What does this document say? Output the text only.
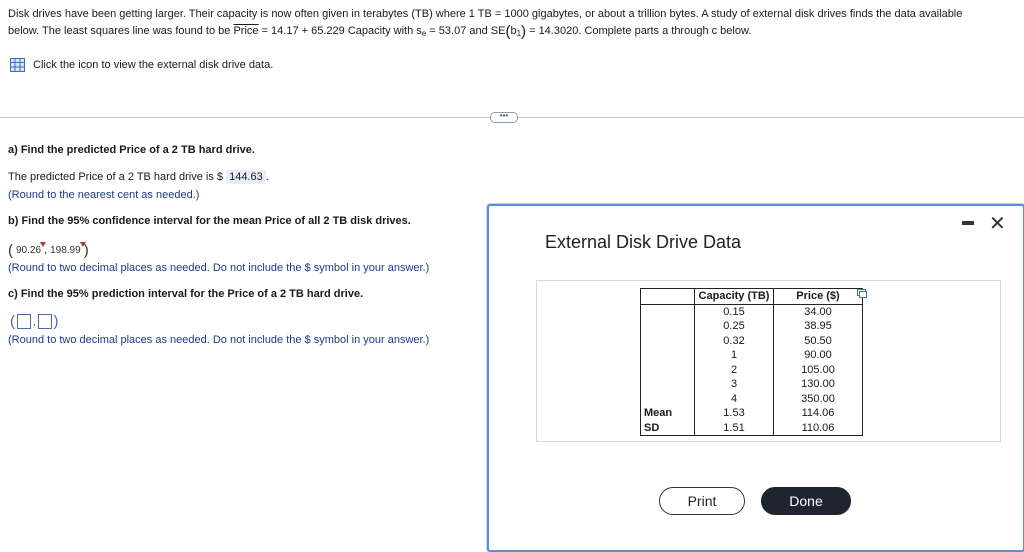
Disk drives have been getting larger. Their capacity is now often given in terabytes (TB) where 1 TB = 1000 gigabytes, or about a trillion bytes. A study of external disk drives finds the data available
below. The least squares line was found to be Price = 14.17 + 65.229 Capacity with $s_e = 53.07$ and $SE(b_1) = 14.3020$. Complete parts a through c below.
Click the icon to view the external disk drive data.
•••
a) Find the predicted Price of a 2 TB hard drive.
The predicted Price of a 2 TB hard drive is $ 144.63 .
(Round to the nearest cent as needed.)
b) Find the 95% confidence interval for the mean Price of all 2 TB disk drives.
( 90.26 , 198.99 )
(Round to two decimal places as needed. Do not include the $ symbol in your answer.)
c) Find the 95% prediction interval for the Price of a 2 TB hard drive.
( , )
(Round to two decimal places as needed. Do not include the $ symbol in your answer.)
External Disk Drive Data
✕
	Capacity (TB)	Price ($)
	0.15	34.00
	0.25	38.95
	0.32	50.50
	1	90.00
	2	105.00
	3	130.00
	4	350.00
Mean	1.53	114.06
SD	1.51	110.06
Print	Done
